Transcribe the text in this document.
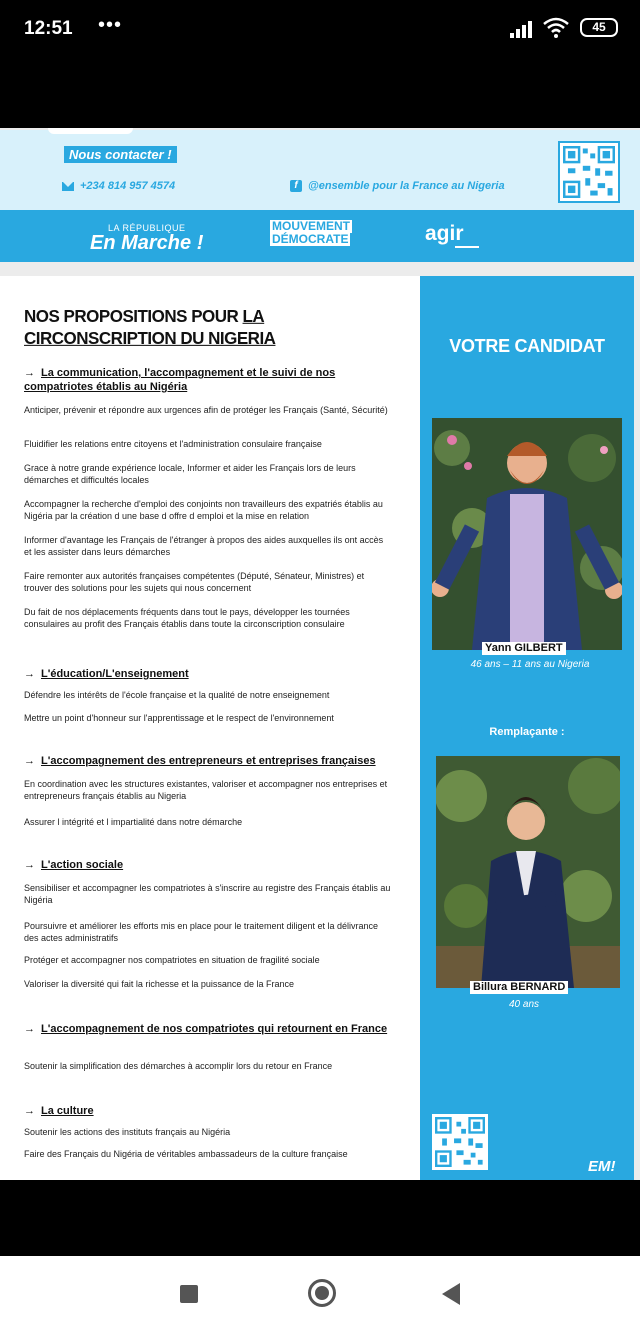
12:51 •••	45
Nous contacter !
+234 814 957 4574	f @ensemble pour la France au Nigeria
LA RÉPUBLIQUE
En Marche !
MOUVEMENT
DÉMOCRATE	agir
NOS PROPOSITIONS POUR LA CIRCONSCRIPTION DU NIGERIA
→ La communication, l'accompagnement et le suivi de nos compatriotes établis au Nigéria
Anticiper, prévenir et répondre aux urgences afin de protéger les Français (Santé, Sécurité)
Fluidifier les relations entre citoyens et l'administration consulaire française
Grace à notre grande expérience locale, Informer et aider les Français lors de leurs démarches et difficultés locales
Accompagner la recherche d'emploi des conjoints non travailleurs des expatriés établis au Nigéria par la création d une base d offre d emploi et la mise en relation
Informer d'avantage les Français de l'étranger à propos des aides auxquelles ils ont accès et les assister dans leurs démarches
Faire remonter aux autorités françaises compétentes (Député, Sénateur, Ministres) et trouver des solutions pour les sujets qui nous concernent
Du fait de nos déplacements fréquents dans tout le pays, développer les tournées consulaires au profit des Français établis dans toute la circonscription consulaire
→ L'éducation/L'enseignement
Défendre les intérêts de l'école française et la qualité de notre enseignement
Mettre un point d'honneur sur l'apprentissage et le respect de l'environnement
→ L'accompagnement des entrepreneurs et entreprises françaises
En coordination avec les structures existantes, valoriser et accompagner nos entreprises et entrepreneurs français établis au Nigeria
Assurer l intégrité et l impartialité dans notre démarche
→ L'action sociale
Sensibiliser et accompagner les compatriotes à s'inscrire au registre des Français établis au Nigéria
Poursuivre et améliorer les efforts mis en place pour le traitement diligent et la délivrance des actes administratifs
Protéger et accompagner nos compatriotes en situation de fragilité sociale
Valoriser la diversité qui fait la richesse et la puissance de la France
→ L'accompagnement de nos compatriotes qui retournent en France
Soutenir la simplification des démarches à accomplir lors du retour en France
→ La culture
Soutenir les actions des instituts français au Nigéria
Faire des Français du Nigéria de véritables ambassadeurs de la culture française
VOTRE CANDIDAT
Yann GILBERT
46 ans – 11 ans au Nigeria
Remplaçante :
Billura BERNARD
40 ans
EM!
